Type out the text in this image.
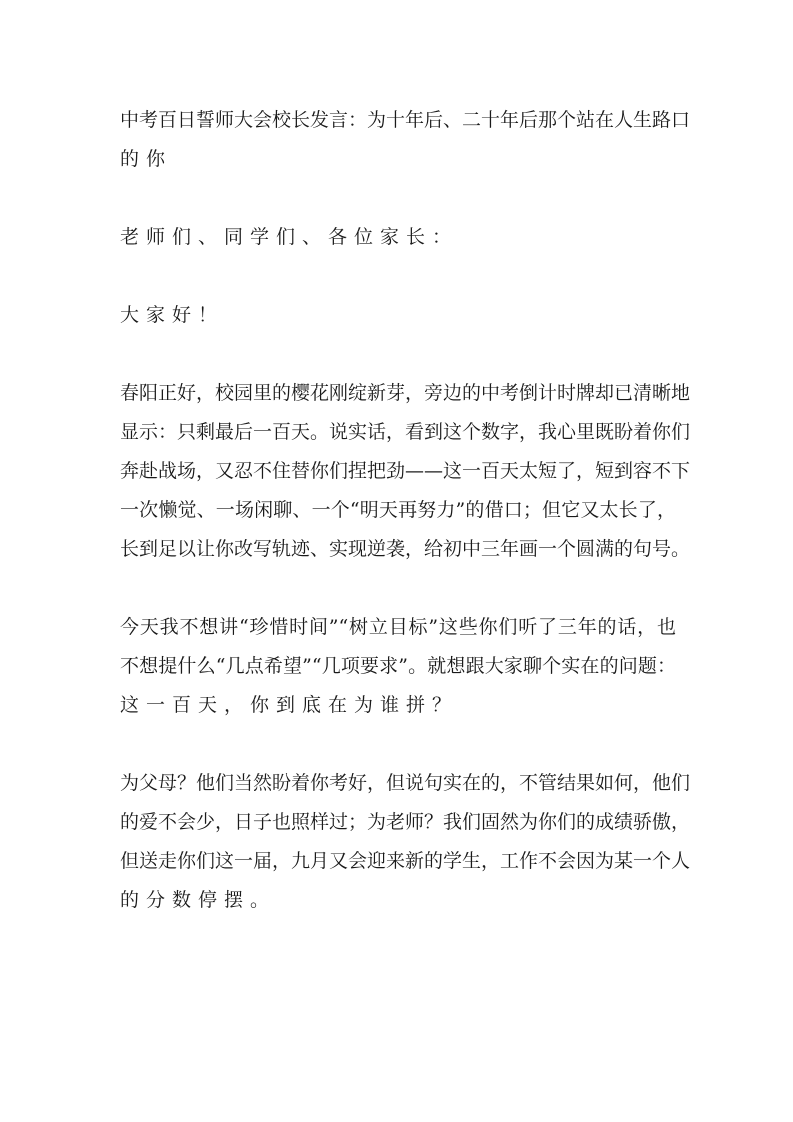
中考百日誓师大会校长发言：为十年后、二十年后那个站在人生路口
的你
老师们、同学们、各位家长：
大家好！
春阳正好，校园里的樱花刚绽新芽，旁边的中考倒计时牌却已清晰地
显示：只剩最后一百天。说实话，看到这个数字，我心里既盼着你们
奔赴战场，又忍不住替你们捏把劲——这一百天太短了，短到容不下
一次懒觉、一场闲聊、一个“明天再努力”的借口；但它又太长了，
长到足以让你改写轨迹、实现逆袭，给初中三年画一个圆满的句号。
今天我不想讲“珍惜时间”“树立目标”这些你们听了三年的话，也
不想提什么“几点希望”“几项要求”。就想跟大家聊个实在的问题：
这一百天，你到底在为谁拼？
为父母？他们当然盼着你考好，但说句实在的，不管结果如何，他们
的爱不会少，日子也照样过；为老师？我们固然为你们的成绩骄傲，
但送走你们这一届，九月又会迎来新的学生，工作不会因为某一个人
的分数停摆。
